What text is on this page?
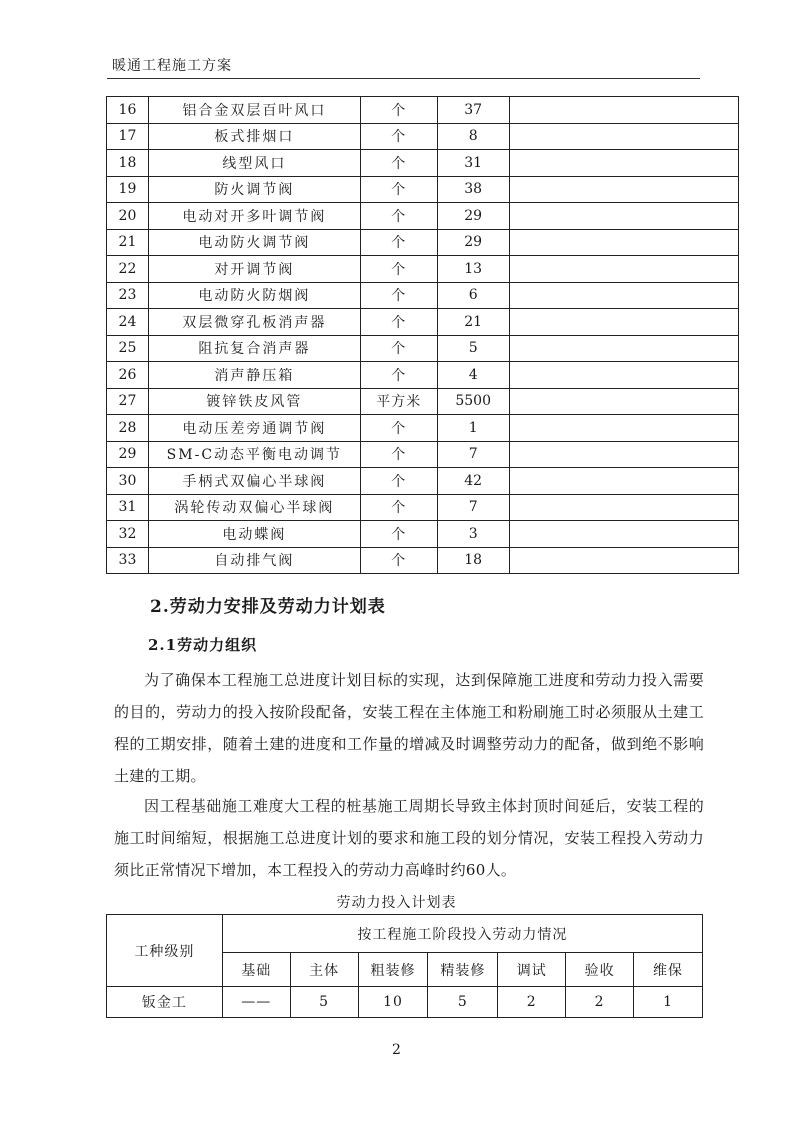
暖通工程施工方案
16	铝合金双层百叶风口	个	37	
17	板式排烟口	个	8	
18	线型风口	个	31	
19	防火调节阀	个	38	
20	电动对开多叶调节阀	个	29	
21	电动防火调节阀	个	29	
22	对开调节阀	个	13	
23	电动防火防烟阀	个	6	
24	双层微穿孔板消声器	个	21	
25	阻抗复合消声器	个	5	
26	消声静压箱	个	4	
27	镀锌铁皮风管	平方米	5500	
28	电动压差旁通调节阀	个	1	
29	SM-C动态平衡电动调节	个	7	
30	手柄式双偏心半球阀	个	42	
31	涡轮传动双偏心半球阀	个	7	
32	电动蝶阀	个	3	
33	自动排气阀	个	18	
2.劳动力安排及劳动力计划表
2.1劳动力组织
为了确保本工程施工总进度计划目标的实现，达到保障施工进度和劳动力投入需要的目的，劳动力的投入按阶段配备，安装工程在主体施工和粉刷施工时必须服从土建工程的工期安排，随着土建的进度和工作量的增减及时调整劳动力的配备，做到绝不影响土建的工期。
因工程基础施工难度大工程的桩基施工周期长导致主体封顶时间延后，安装工程的施工时间缩短，根据施工总进度计划的要求和施工段的划分情况，安装工程投入劳动力须比正常情况下增加，本工程投入的劳动力高峰时约60人。
劳动力投入计划表
工种级别	按工程施工阶段投入劳动力情况						
	基础	主体	粗装修	精装修	调试	验收	维保
钣金工	——	5	10	5	2	2	1
2
